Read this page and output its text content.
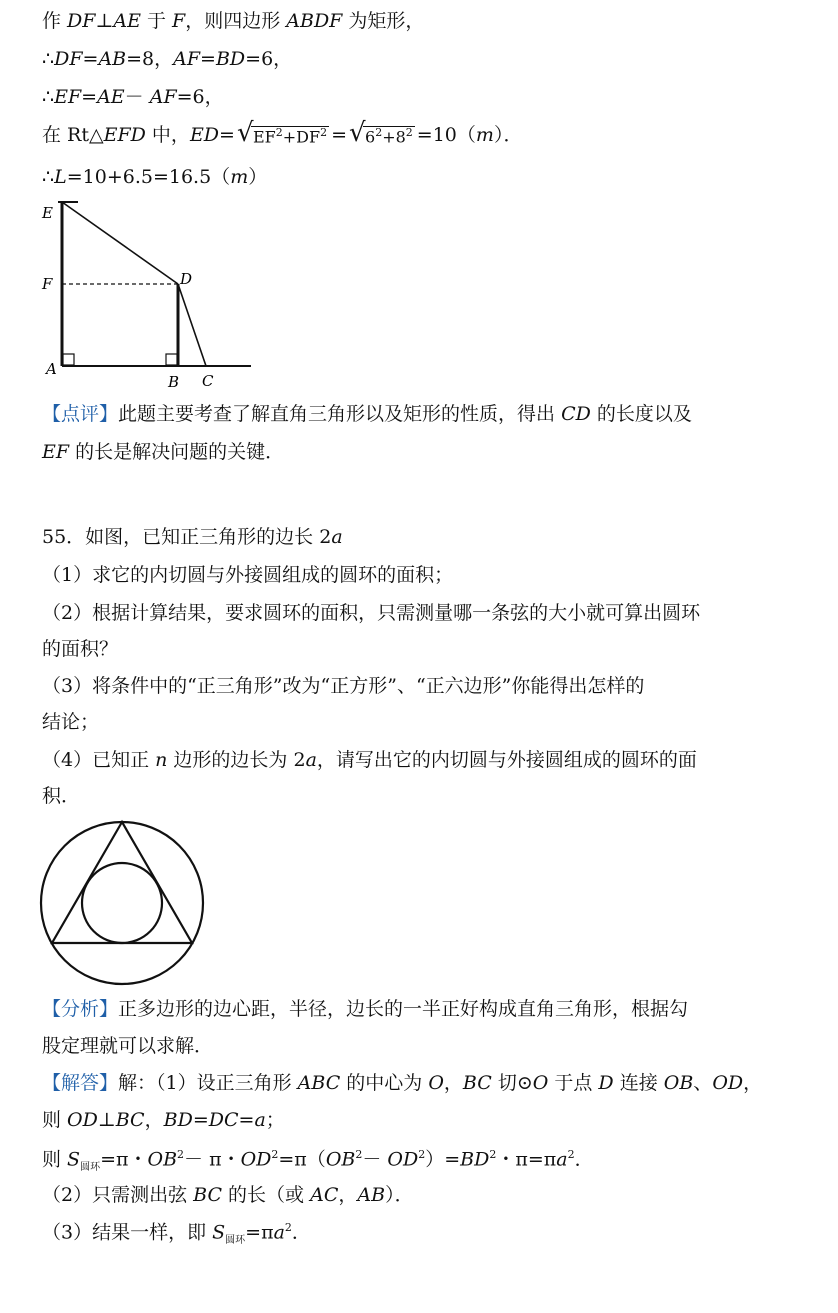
作 DF⊥AE 于 F，则四边形 ABDF 为矩形，
∴DF=AB=8，AF=BD=6，
∴EF=AE－ AF=6，
在 Rt△EFD 中，ED= √ $EF^2+DF^2$ = √ $6^2+8^2 =10(m)$．
∴L=10+6.5=16.5（m）
E
F	D
A
B C
【点评】此题主要考查了解直角三角形以及矩形的性质，得出 CD 的长度以及
EF 的长是解决问题的关键．
55．如图，已知正三角形的边长 2a
（1）求它的内切圆与外接圆组成的圆环的面积；
（2）根据计算结果，要求圆环的面积，只需测量哪一条弦的大小就可算出圆环
的面积？
（3）将条件中的“正三角形”改为“正方形”、“正六边形”你能得出怎样的
结论；
（4）已知正 n 边形的边长为 2a，请写出它的内切圆与外接圆组成的圆环的面
积．
【分析】正多边形的边心距，半径，边长的一半正好构成直角三角形，根据勾
股定理就可以求解．
【解答】解：（1）设正三角形 ABC 的中心为 O，BC 切⊙O 于点 D 连接 OB、OD，
则 OD⊥BC，BD=DC=a；
则 $S_{圆环}=\pi$・$OB^2- \pi$・$OD^2=\pi(OB^2- OD^2)=BD^2$・$\pi=\pi a^2$．
（2）只需测出弦 BC 的长（或 AC，AB）．
（3）结果一样，即 $S_{圆环}=\pi a^2$．
